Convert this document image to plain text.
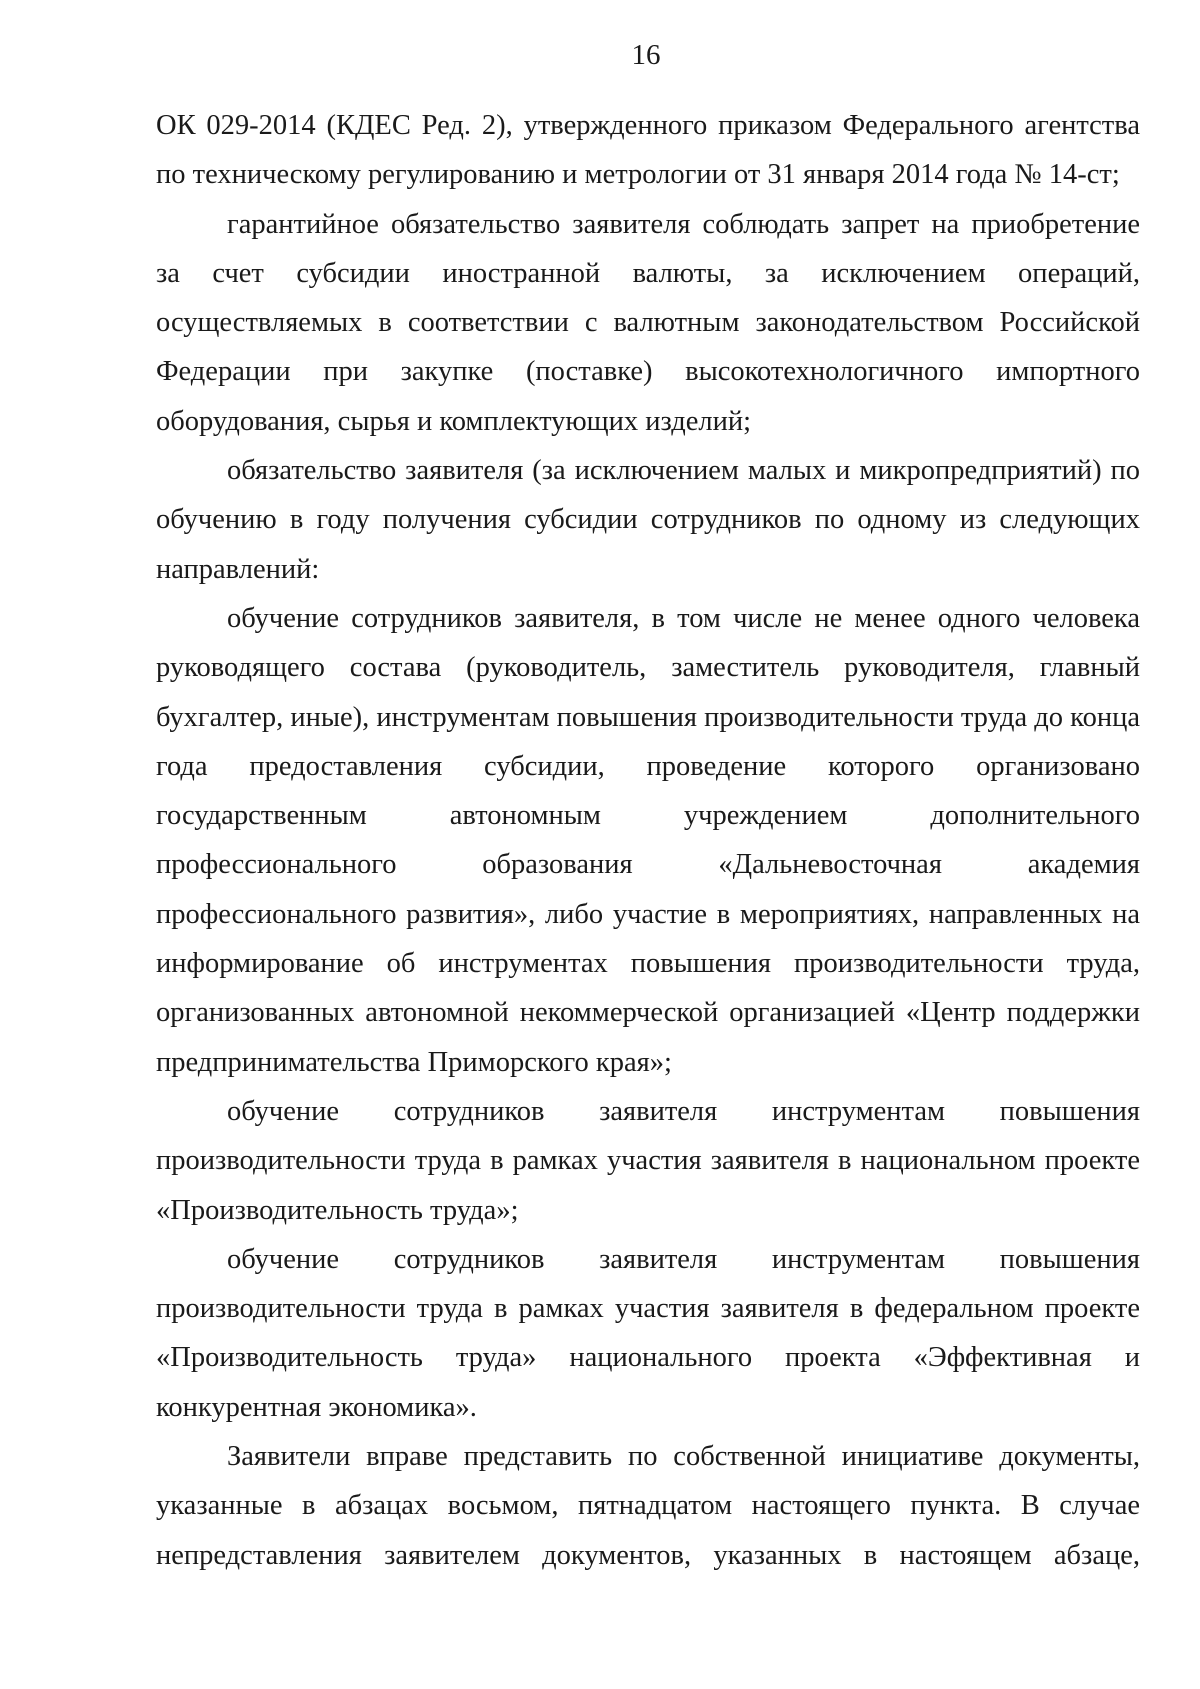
16
ОК 029-2014 (КДЕС Ред. 2), утвержденного приказом Федерального агентства
по техническому регулированию и метрологии от 31 января 2014 года № 14-ст;
гарантийное обязательство заявителя соблюдать запрет на приобретение
за счет субсидии иностранной валюты, за исключением операций,
осуществляемых в соответствии с валютным законодательством Российской
Федерации при закупке (поставке) высокотехнологичного импортного
оборудования, сырья и комплектующих изделий;
обязательство заявителя (за исключением малых и микропредприятий) по
обучению в году получения субсидии сотрудников по одному из следующих
направлений:
обучение сотрудников заявителя, в том числе не менее одного человека
руководящего состава (руководитель, заместитель руководителя, главный
бухгалтер, иные), инструментам повышения производительности труда до конца
года предоставления субсидии, проведение которого организовано
государственным автономным учреждением дополнительного
профессионального образования «Дальневосточная академия
профессионального развития», либо участие в мероприятиях, направленных на
информирование об инструментах повышения производительности труда,
организованных автономной некоммерческой организацией «Центр поддержки
предпринимательства Приморского края»;
обучение сотрудников заявителя инструментам повышения
производительности труда в рамках участия заявителя в национальном проекте
«Производительность труда»;
обучение сотрудников заявителя инструментам повышения
производительности труда в рамках участия заявителя в федеральном проекте
«Производительность труда» национального проекта «Эффективная и
конкурентная экономика».
Заявители вправе представить по собственной инициативе документы,
указанные в абзацах восьмом, пятнадцатом настоящего пункта. В случае
непредставления заявителем документов, указанных в настоящем абзаце,
